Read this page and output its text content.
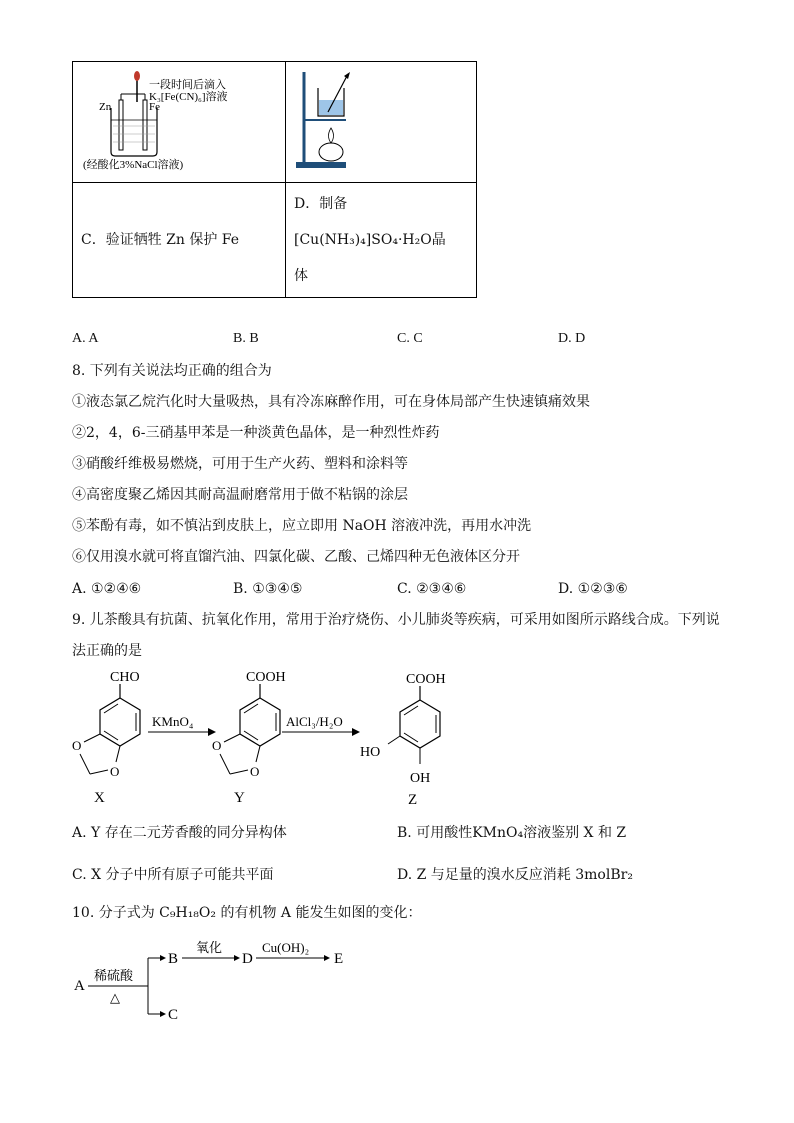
Zn Fe
一段时间后滴入
K₃[Fe(CN)₆]溶液
(经酸化3%NaCl溶液)

C．验证牺牲 Zn 保护 Fe	D．制备
[Cu(NH₃)₄]SO₄·H₂O晶
体
A. A	B. B	C. C	D. D
8. 下列有关说法均正确的组合为
①液态氯乙烷汽化时大量吸热，具有冷冻麻醉作用，可在身体局部产生快速镇痛效果
②2，4，6-三硝基甲苯是一种淡黄色晶体，是一种烈性炸药
③硝酸纤维极易燃烧，可用于生产火药、塑料和涂料等
④高密度聚乙烯因其耐高温耐磨常用于做不粘锅的涂层
⑤苯酚有毒，如不慎沾到皮肤上，应立即用 NaOH 溶液冲洗，再用水冲洗
⑥仅用溴水就可将直馏汽油、四氯化碳、乙酸、己烯四种无色液体区分开
A. ①②④⑥	B. ①③④⑤	C. ②③④⑥	D. ①②③⑥
9. 儿茶酸具有抗菌、抗氧化作用，常用于治疗烧伤、小儿肺炎等疾病，可采用如图所示路线合成。下列说
法正确的是
CHO
O
O
X
KMnO₄
COOH
O
O
Y
AlCl₃/H₂O
COOH
HO
OH
Z
A. Y 存在二元芳香酸的同分异构体	B. 可用酸性KMnO₄溶液鉴别 X 和 Z
C. X 分子中所有原子可能共平面	D. Z 与足量的溴水反应消耗 3molBr₂
10. 分子式为 C₉H₁₈O₂ 的有机物 A 能发生如图的变化：
A
稀硫酸
△
B
氧化
D
Cu(OH)₂
E
C
